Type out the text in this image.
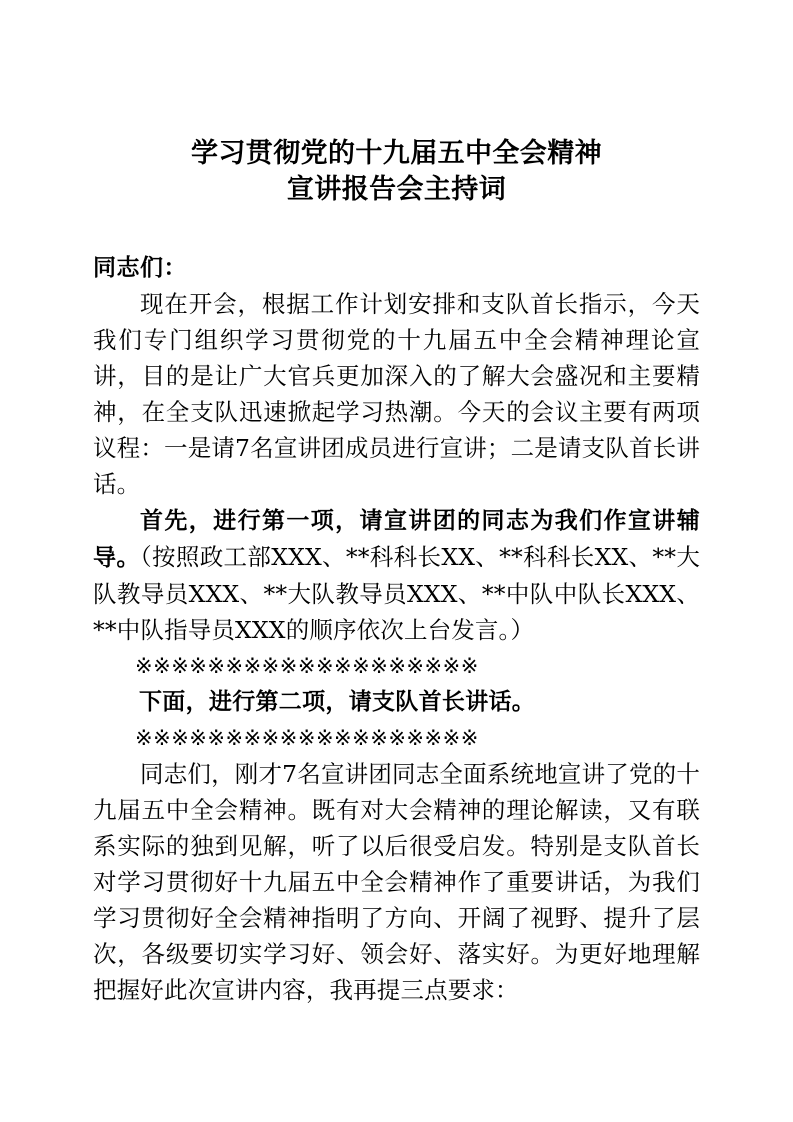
学习贯彻党的十九届五中全会精神
宣讲报告会主持词

同志们：

现在开会，根据工作计划安排和支队首长指示，今天我们专门组织学习贯彻党的十九届五中全会精神理论宣讲，目的是让广大官兵更加深入的了解大会盛况和主要精神，在全支队迅速掀起学习热潮。今天的会议主要有两项议程：一是请7名宣讲团成员进行宣讲；二是请支队首长讲话。

首先，进行第一项，请宣讲团的同志为我们作宣讲辅导。（按照政工部XXX、**科科长XX、**科科长XX、**大队教导员XXX、**大队教导员XXX、**中队中队长XXX、**中队指导员XXX的顺序依次上台发言。）

※※※※※※※※※※※※※※※※※※※

下面，进行第二项，请支队首长讲话。

※※※※※※※※※※※※※※※※※※※

同志们，刚才7名宣讲团同志全面系统地宣讲了党的十九届五中全会精神。既有对大会精神的理论解读，又有联系实际的独到见解，听了以后很受启发。特别是支队首长对学习贯彻好十九届五中全会精神作了重要讲话，为我们学习贯彻好全会精神指明了方向、开阔了视野、提升了层次，各级要切实学习好、领会好、落实好。为更好地理解把握好此次宣讲内容，我再提三点要求：
